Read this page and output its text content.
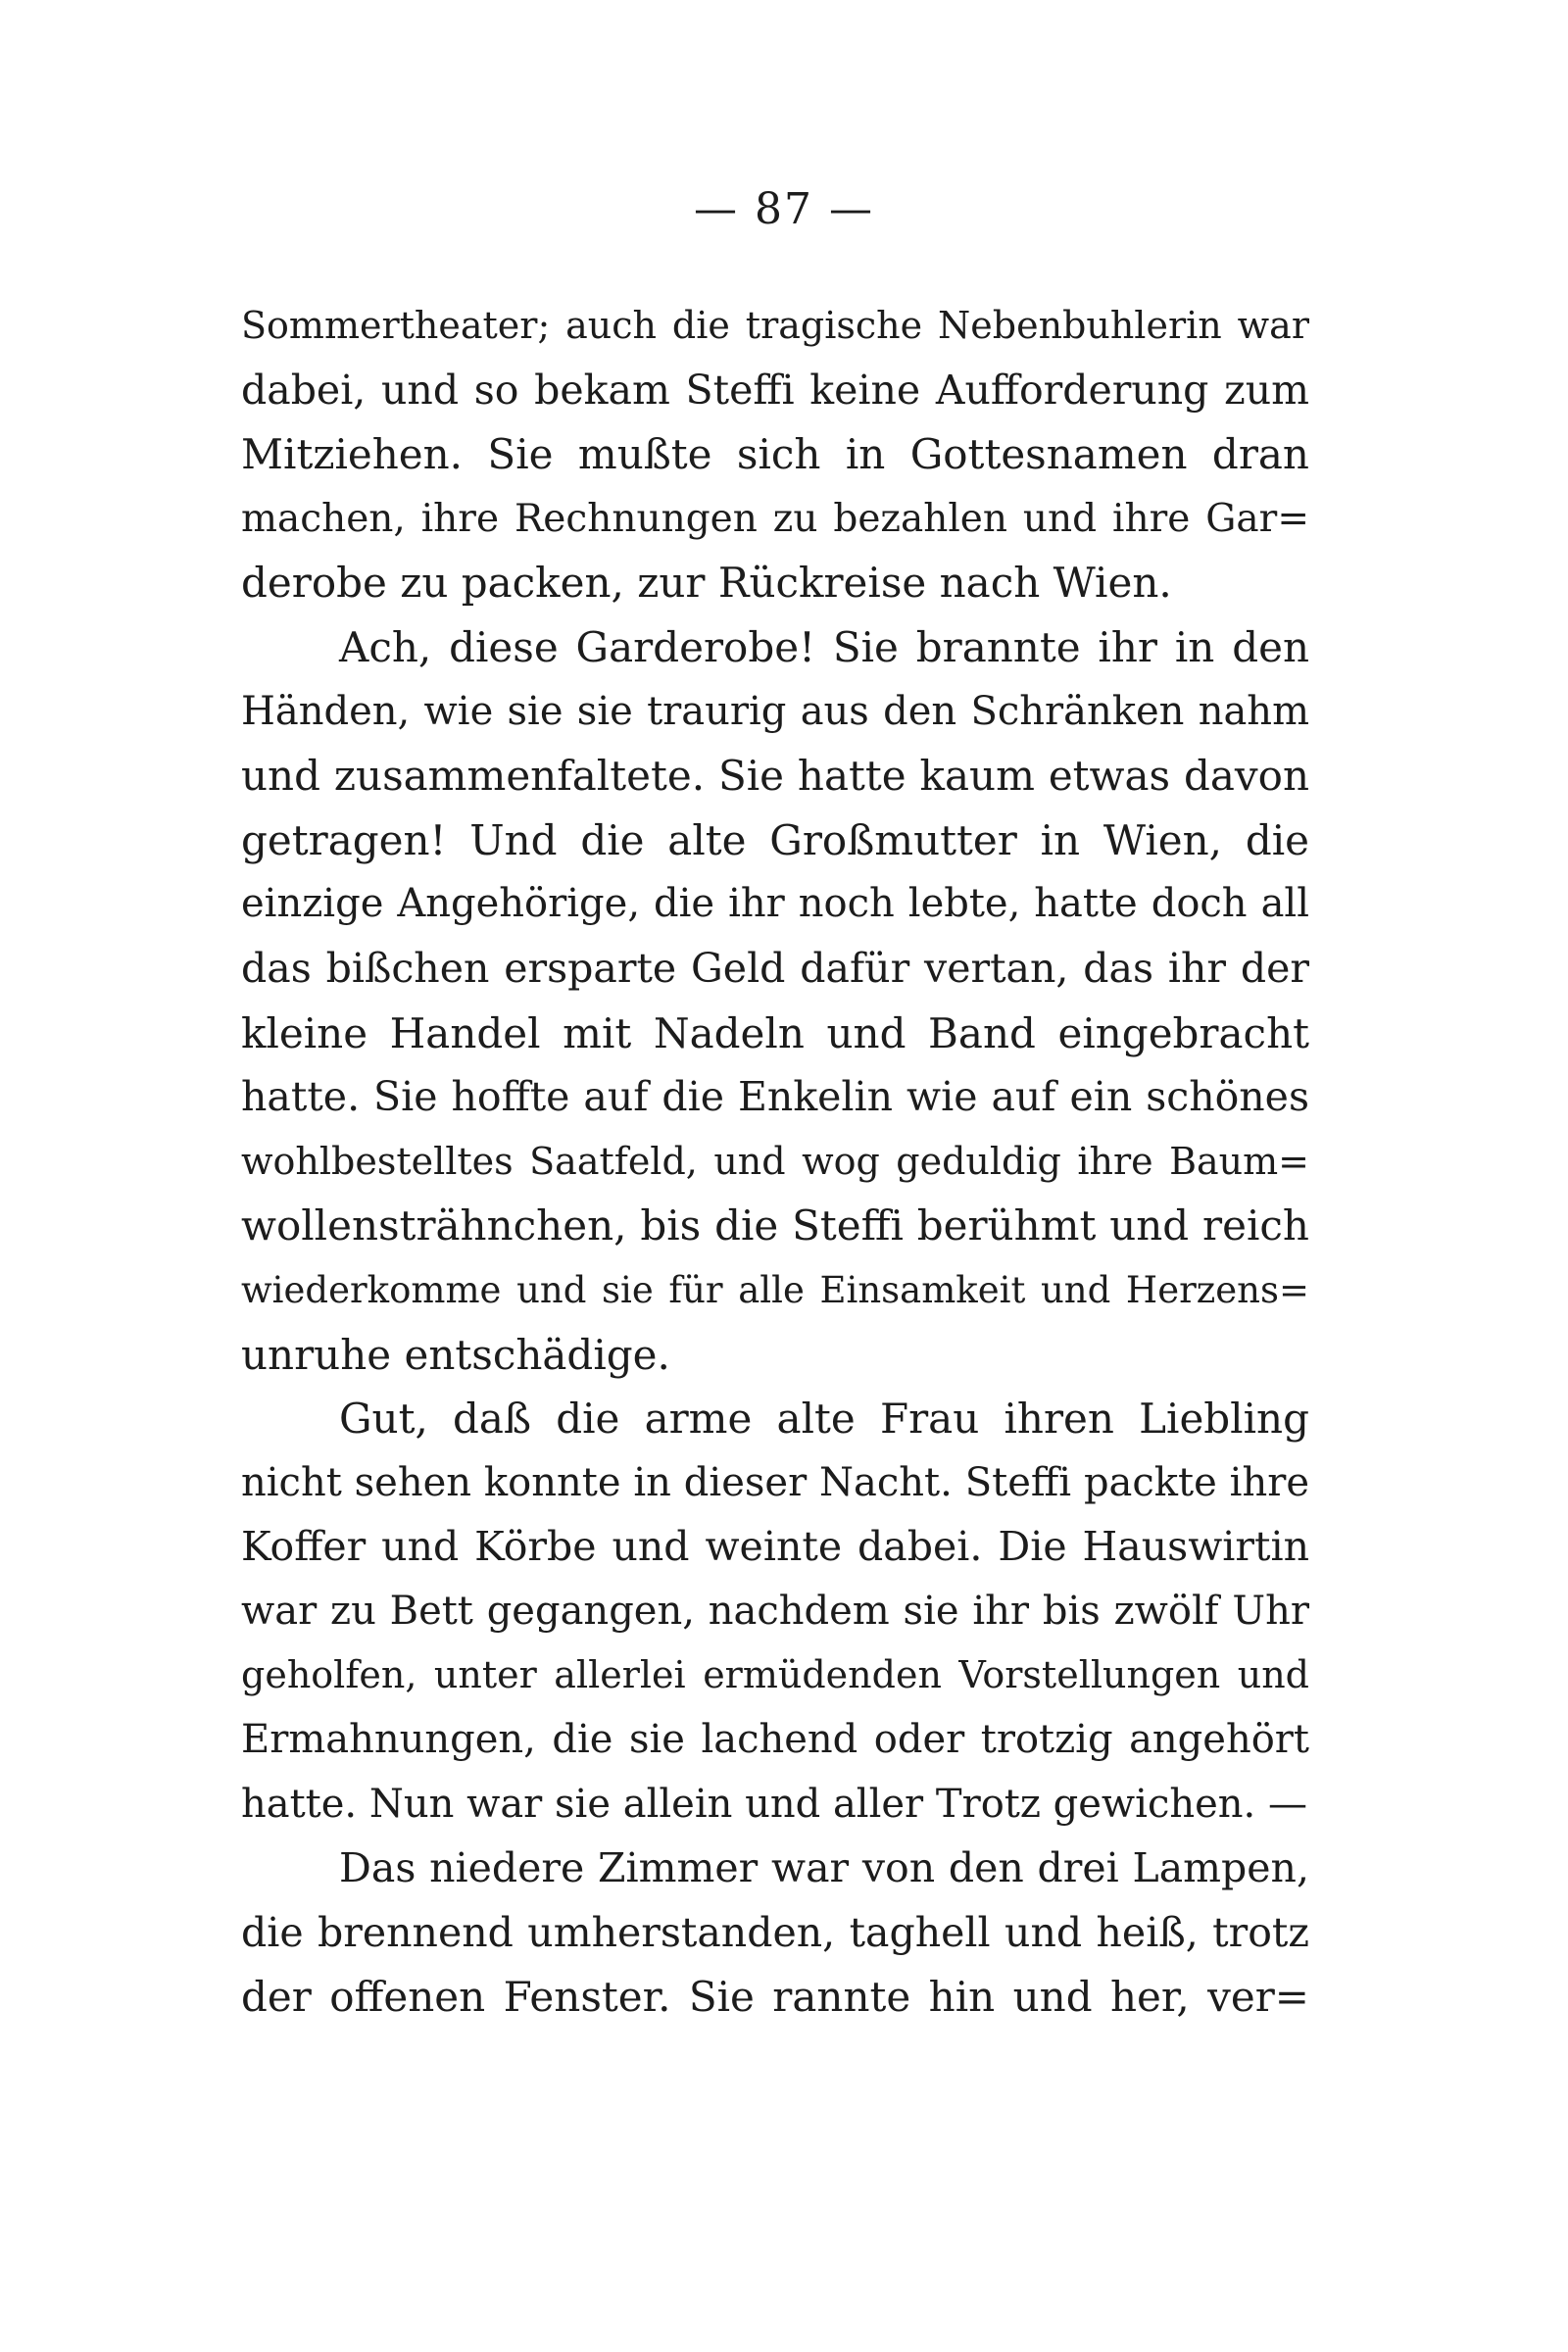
— 87 —
Sommertheater; auch die tragische Nebenbuhlerin war
dabei, und so bekam Steffi keine Aufforderung zum
Mitziehen. Sie mußte sich in Gottesnamen dran
machen, ihre Rechnungen zu bezahlen und ihre Gar=
derobe zu packen, zur Rückreise nach Wien.
Ach, diese Garderobe! Sie brannte ihr in den
Händen, wie sie sie traurig aus den Schränken nahm
und zusammenfaltete. Sie hatte kaum etwas davon
getragen! Und die alte Großmutter in Wien, die
einzige Angehörige, die ihr noch lebte, hatte doch all
das bißchen ersparte Geld dafür vertan, das ihr der
kleine Handel mit Nadeln und Band eingebracht
hatte. Sie hoffte auf die Enkelin wie auf ein schönes
wohlbestelltes Saatfeld, und wog geduldig ihre Baum=
wollensträhnchen, bis die Steffi berühmt und reich
wiederkomme und sie für alle Einsamkeit und Herzens=
unruhe entschädige.
Gut, daß die arme alte Frau ihren Liebling
nicht sehen konnte in dieser Nacht. Steffi packte ihre
Koffer und Körbe und weinte dabei. Die Hauswirtin
war zu Bett gegangen, nachdem sie ihr bis zwölf Uhr
geholfen, unter allerlei ermüdenden Vorstellungen und
Ermahnungen, die sie lachend oder trotzig angehört
hatte. Nun war sie allein und aller Trotz gewichen. —
Das niedere Zimmer war von den drei Lampen,
die brennend umherstanden, taghell und heiß, trotz
der offenen Fenster. Sie rannte hin und her, ver=
